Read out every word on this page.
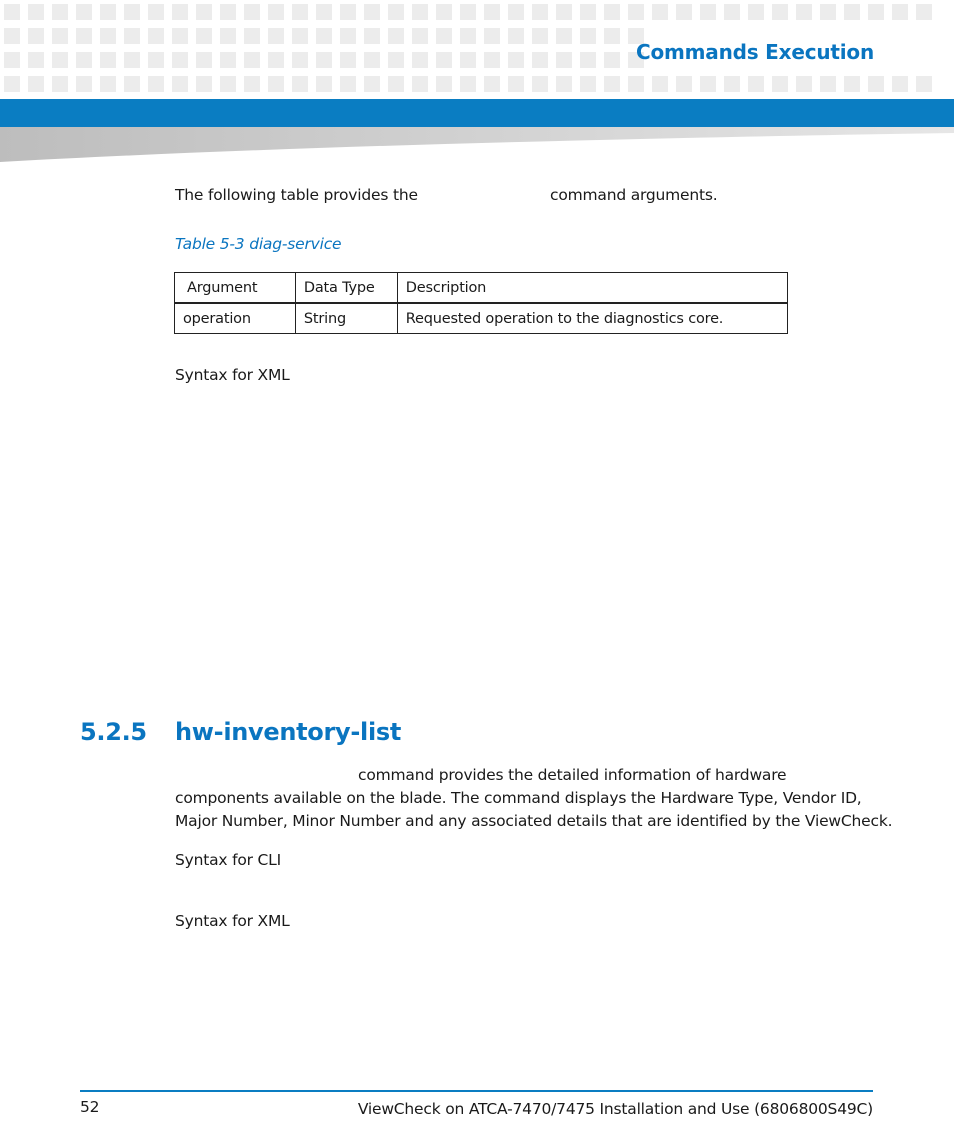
Commands Execution
The following table provides the	command arguments.
Table 5-3 diag-service
Argument	Data Type	Description
operation	String	Requested operation to the diagnostics core.
Syntax for XML
5.2.5 hw-inventory-list
command provides the detailed information of hardware
components available on the blade. The command displays the Hardware Type, Vendor ID,
Major Number, Minor Number and any associated details that are identified by the ViewCheck.
Syntax for CLI
Syntax for XML
52	ViewCheck on ATCA-7470/7475 Installation and Use (6806800S49C)
